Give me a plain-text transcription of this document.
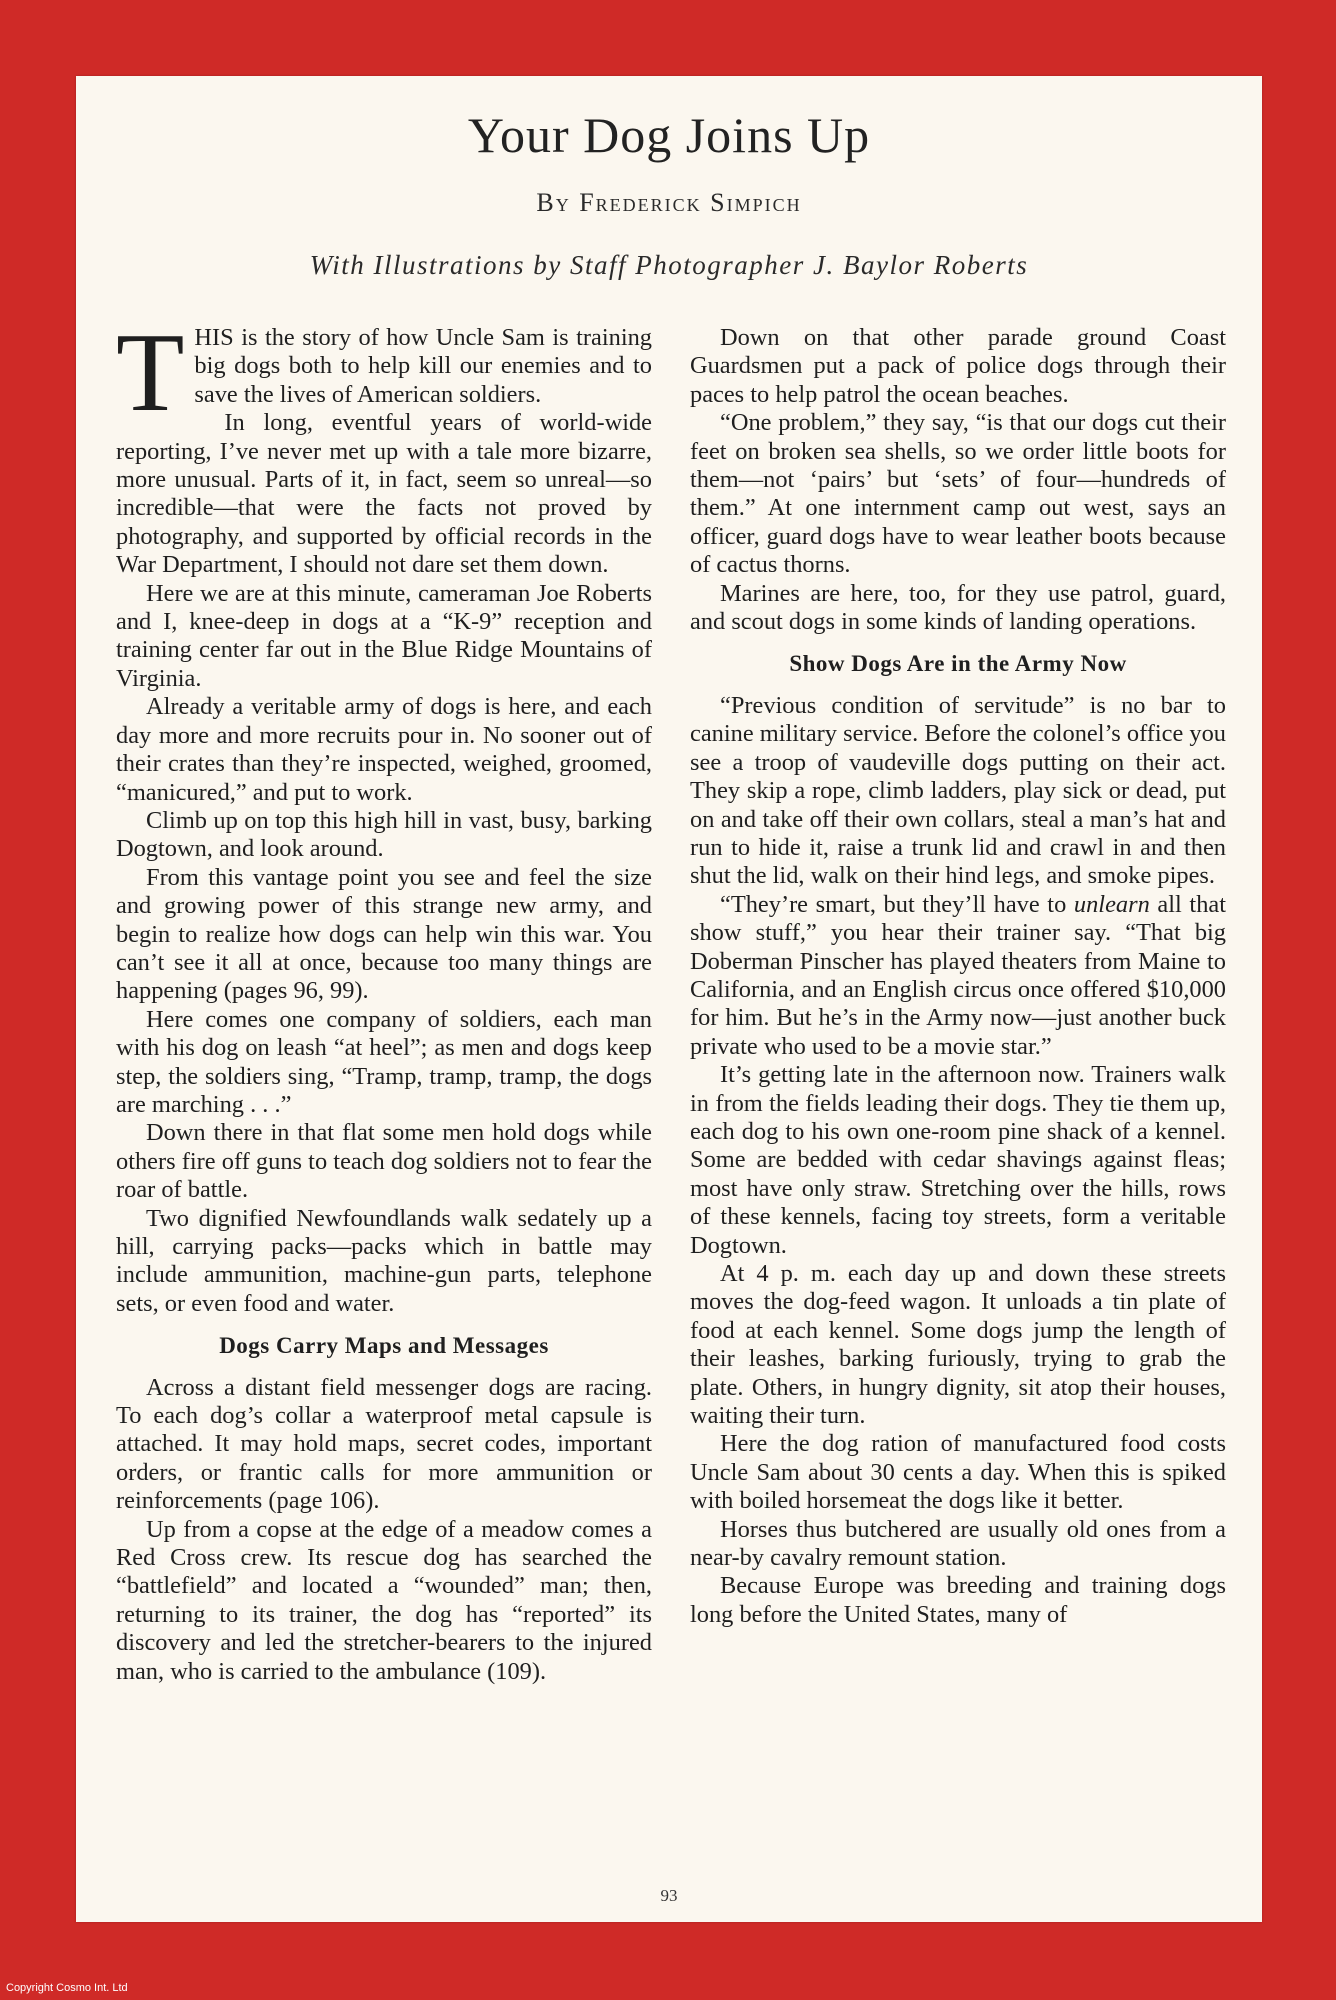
Your Dog Joins Up
By Frederick Simpich
With Illustrations by Staff Photographer J. Baylor Roberts

THIS is the story of how Uncle Sam is training big dogs both to help kill our enemies and to save the lives of American soldiers.

In long, eventful years of world-wide reporting, I’ve never met up with a tale more bizarre, more unusual. Parts of it, in fact, seem so unreal—so incredible—that were the facts not proved by photography, and supported by official records in the War Department, I should not dare set them down.

Here we are at this minute, cameraman Joe Roberts and I, knee-deep in dogs at a “K-9” reception and training center far out in the Blue Ridge Mountains of Virginia.

Already a veritable army of dogs is here, and each day more and more recruits pour in. No sooner out of their crates than they’re inspected, weighed, groomed, “manicured,” and put to work.

Climb up on top this high hill in vast, busy, barking Dogtown, and look around.

From this vantage point you see and feel the size and growing power of this strange new army, and begin to realize how dogs can help win this war. You can’t see it all at once, because too many things are happening (pages 96, 99).

Here comes one company of soldiers, each man with his dog on leash “at heel”; as men and dogs keep step, the soldiers sing, “Tramp, tramp, tramp, the dogs are marching . . .”

Down there in that flat some men hold dogs while others fire off guns to teach dog soldiers not to fear the roar of battle.

Two dignified Newfoundlands walk sedately up a hill, carrying packs—packs which in battle may include ammunition, machine-gun parts, telephone sets, or even food and water.

Dogs Carry Maps and Messages

Across a distant field messenger dogs are racing. To each dog’s collar a waterproof metal capsule is attached. It may hold maps, secret codes, important orders, or frantic calls for more ammunition or reinforcements (page 106).

Up from a copse at the edge of a meadow comes a Red Cross crew. Its rescue dog has searched the “battlefield” and located a “wounded” man; then, returning to its trainer, the dog has “reported” its discovery and led the stretcher-bearers to the injured man, who is carried to the ambulance (109).

Down on that other parade ground Coast Guardsmen put a pack of police dogs through their paces to help patrol the ocean beaches.

“One problem,” they say, “is that our dogs cut their feet on broken sea shells, so we order little boots for them—not ‘pairs’ but ‘sets’ of four—hundreds of them.” At one internment camp out west, says an officer, guard dogs have to wear leather boots because of cactus thorns.

Marines are here, too, for they use patrol, guard, and scout dogs in some kinds of landing operations.

Show Dogs Are in the Army Now

“Previous condition of servitude” is no bar to canine military service. Before the colonel’s office you see a troop of vaudeville dogs putting on their act. They skip a rope, climb ladders, play sick or dead, put on and take off their own collars, steal a man’s hat and run to hide it, raise a trunk lid and crawl in and then shut the lid, walk on their hind legs, and smoke pipes.

“They’re smart, but they’ll have to unlearn all that show stuff,” you hear their trainer say. “That big Doberman Pinscher has played theaters from Maine to California, and an English circus once offered $10,000 for him. But he’s in the Army now—just another buck private who used to be a movie star.”

It’s getting late in the afternoon now. Trainers walk in from the fields leading their dogs. They tie them up, each dog to his own one-room pine shack of a kennel. Some are bedded with cedar shavings against fleas; most have only straw. Stretching over the hills, rows of these kennels, facing toy streets, form a veritable Dogtown.

At 4 p. m. each day up and down these streets moves the dog-feed wagon. It unloads a tin plate of food at each kennel. Some dogs jump the length of their leashes, barking furiously, trying to grab the plate. Others, in hungry dignity, sit atop their houses, waiting their turn.

Here the dog ration of manufactured food costs Uncle Sam about 30 cents a day. When this is spiked with boiled horsemeat the dogs like it better.

Horses thus butchered are usually old ones from a near-by cavalry remount station.

Because Europe was breeding and training dogs long before the United States, many of

93
Copyright Cosmo Int. Ltd
